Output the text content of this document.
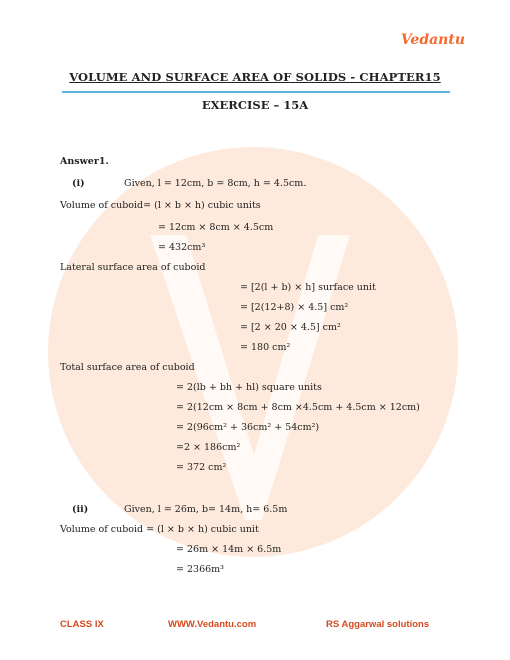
Vedantu
VOLUME AND SURFACE AREA OF SOLIDS - CHAPTER15
EXERCISE – 15A
Answer1.
(i)	Given, l = 12cm, b = 8cm, h = 4.5cm.
Volume of cuboid= (l × b × h) cubic units
= 12cm × 8cm × 4.5cm
= 432cm³
Lateral surface area of cuboid
= [2(l + b) × h] surface unit
= [2(12+8) × 4.5] cm²
= [2 × 20 × 4.5] cm²
= 180 cm²
Total surface area of cuboid
= 2(lb + bh + hl) square units
= 2(12cm × 8cm + 8cm ×4.5cm + 4.5cm × 12cm)
= 2(96cm² + 36cm² + 54cm²)
=2 × 186cm²
= 372 cm²
(ii)	Given, l = 26m, b= 14m, h= 6.5m
Volume of cuboid = (l × b × h) cubic unit
= 26m × 14m × 6.5m
= 2366m³
CLASS IX	WWW.Vedantu.com	RS Aggarwal solutions
